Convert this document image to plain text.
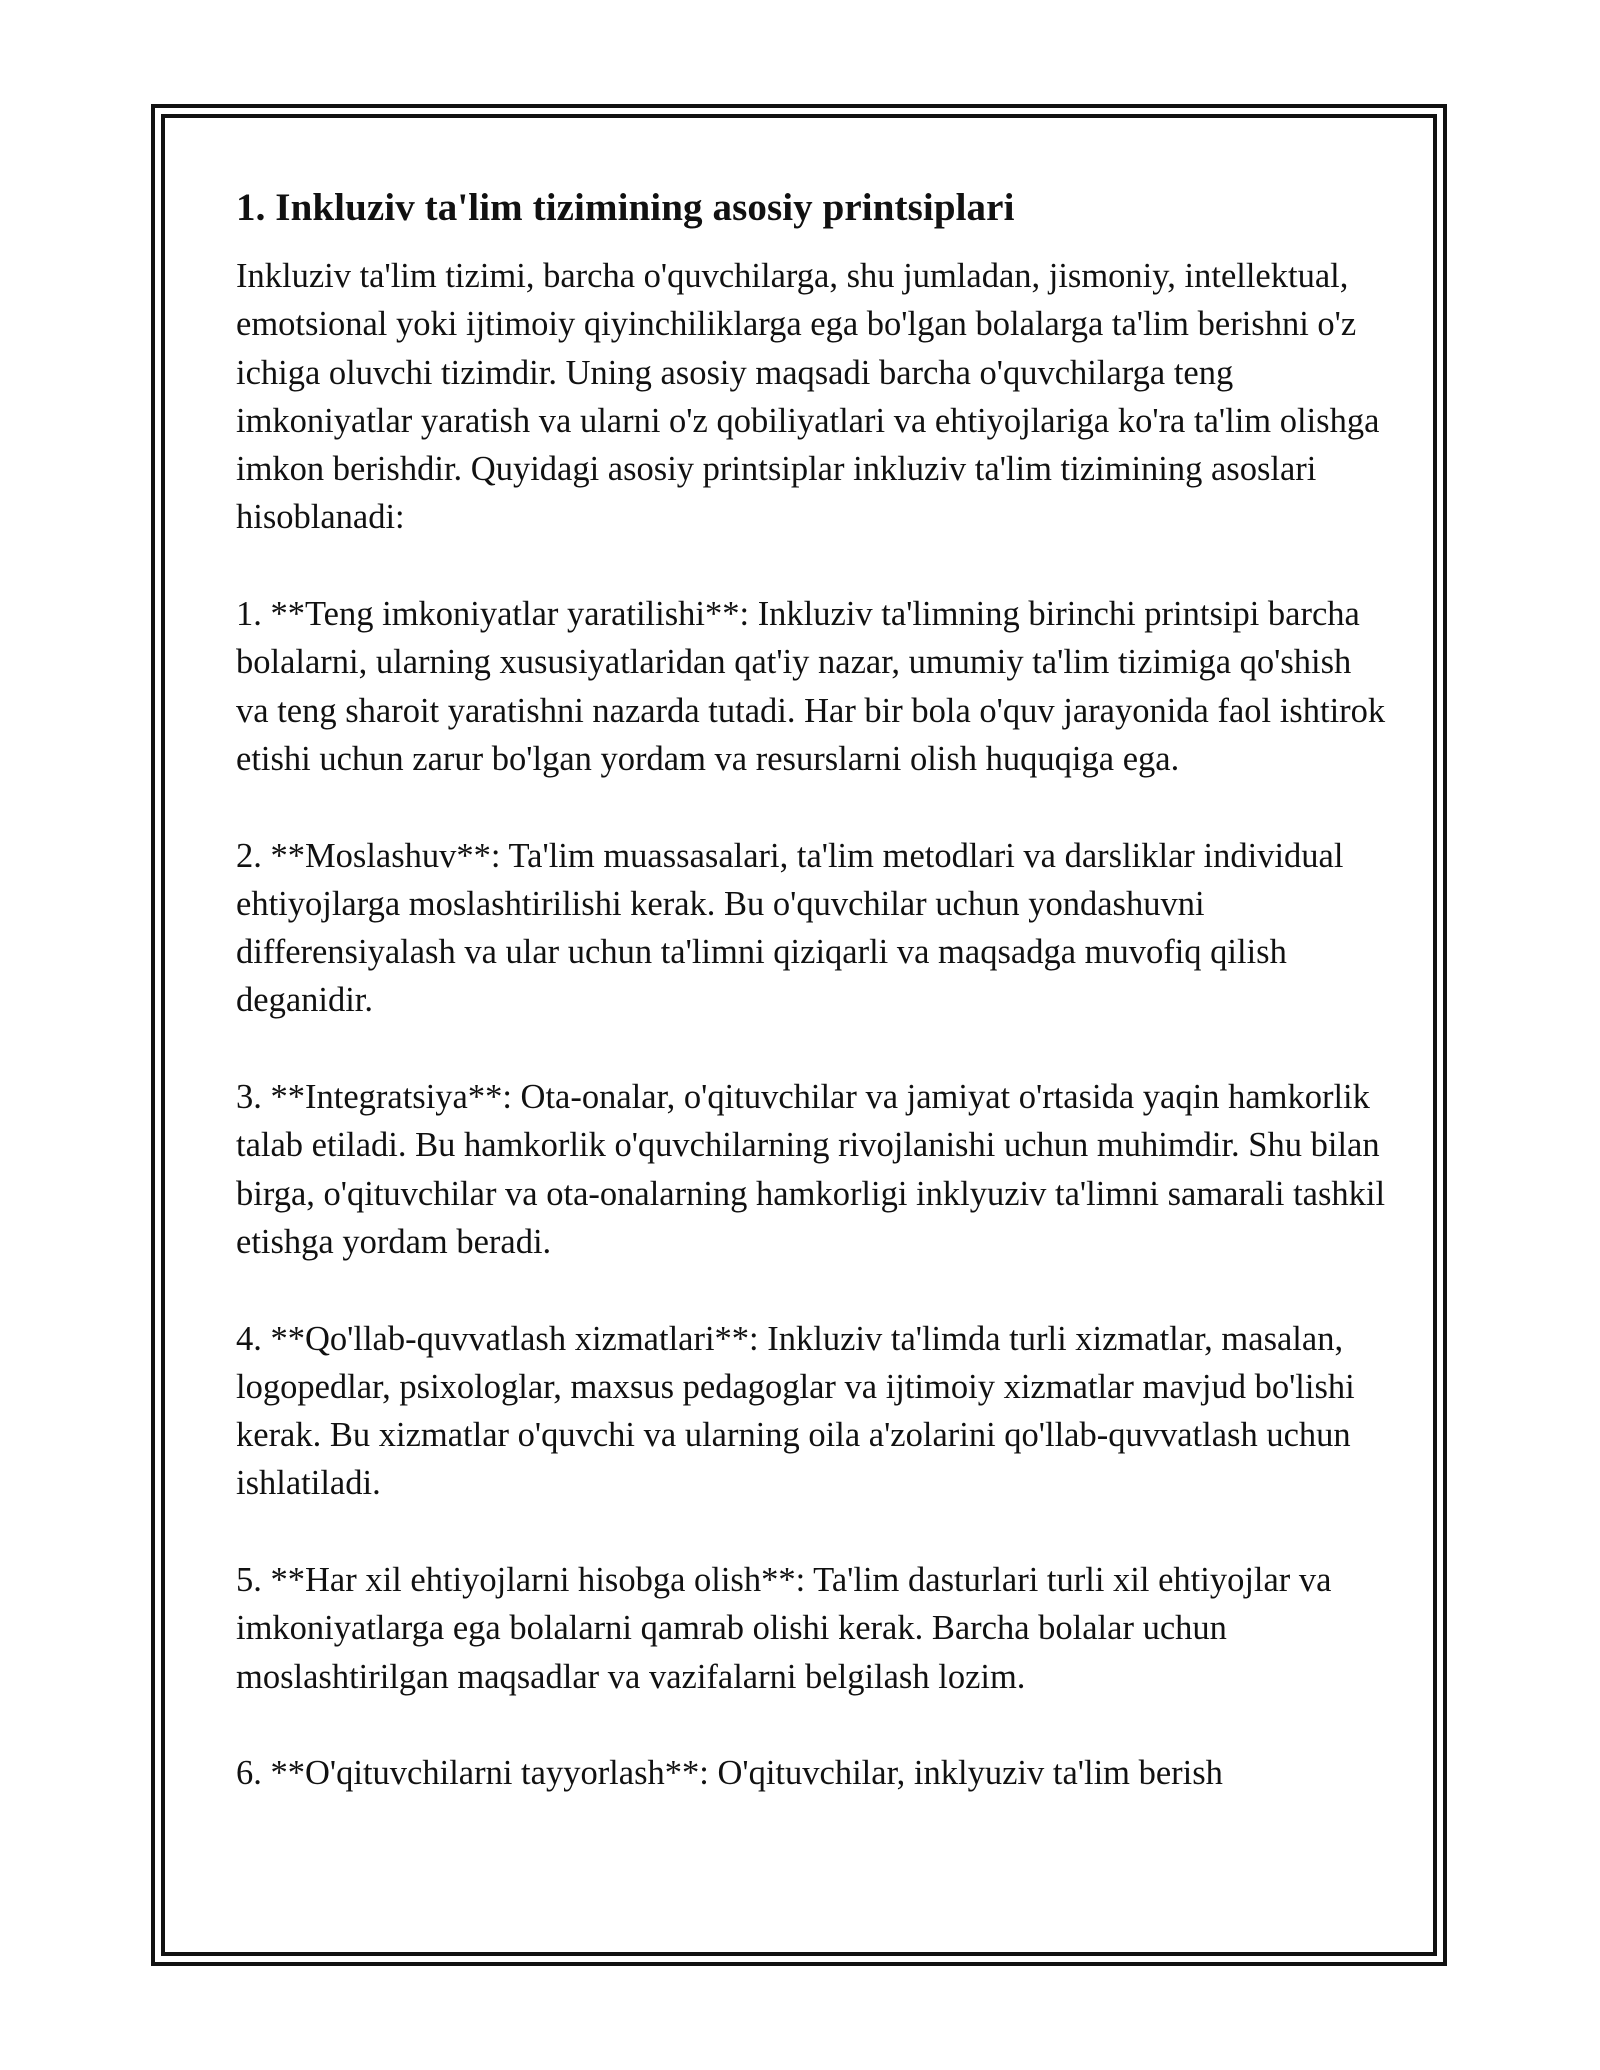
1. Inkluziv ta'lim tizimining asosiy printsiplari

Inkluziv ta'lim tizimi, barcha o'quvchilarga, shu jumladan, jismoniy, intellektual, emotsional yoki ijtimoiy qiyinchiliklarga ega bo'lgan bolalarga ta'lim berishni o'z ichiga oluvchi tizimdir. Uning asosiy maqsadi barcha o'quvchilarga teng imkoniyatlar yaratish va ularni o'z qobiliyatlari va ehtiyojlariga ko'ra ta'lim olishga imkon berishdir. Quyidagi asosiy printsiplar inkluziv ta'lim tizimining asoslari hisoblanadi:

1. **Teng imkoniyatlar yaratilishi**: Inkluziv ta'limning birinchi printsipi barcha bolalarni, ularning xususiyatlaridan qat'iy nazar, umumiy ta'lim tizimiga qo'shish va teng sharoit yaratishni nazarda tutadi. Har bir bola o'quv jarayonida faol ishtirok etishi uchun zarur bo'lgan yordam va resurslarni olish huquqiga ega.

2. **Moslashuv**: Ta'lim muassasalari, ta'lim metodlari va darsliklar individual ehtiyojlarga moslashtirilishi kerak. Bu o'quvchilar uchun yondashuvni differensiyalash va ular uchun ta'limni qiziqarli va maqsadga muvofiq qilish deganidir.

3. **Integratsiya**: Ota-onalar, o'qituvchilar va jamiyat o'rtasida yaqin hamkorlik talab etiladi. Bu hamkorlik o'quvchilarning rivojlanishi uchun muhimdir. Shu bilan birga, o'qituvchilar va ota-onalarning hamkorligi inklyuziv ta'limni samarali tashkil etishga yordam beradi.

4. **Qo'llab-quvvatlash xizmatlari**: Inkluziv ta'limda turli xizmatlar, masalan, logopedlar, psixologlar, maxsus pedagoglar va ijtimoiy xizmatlar mavjud bo'lishi kerak. Bu xizmatlar o'quvchi va ularning oila a'zolarini qo'llab-quvvatlash uchun ishlatiladi.

5. **Har xil ehtiyojlarni hisobga olish**: Ta'lim dasturlari turli xil ehtiyojlar va imkoniyatlarga ega bolalarni qamrab olishi kerak. Barcha bolalar uchun moslashtirilgan maqsadlar va vazifalarni belgilash lozim.

6. **O'qituvchilarni tayyorlash**: O'qituvchilar, inklyuziv ta'lim berish
